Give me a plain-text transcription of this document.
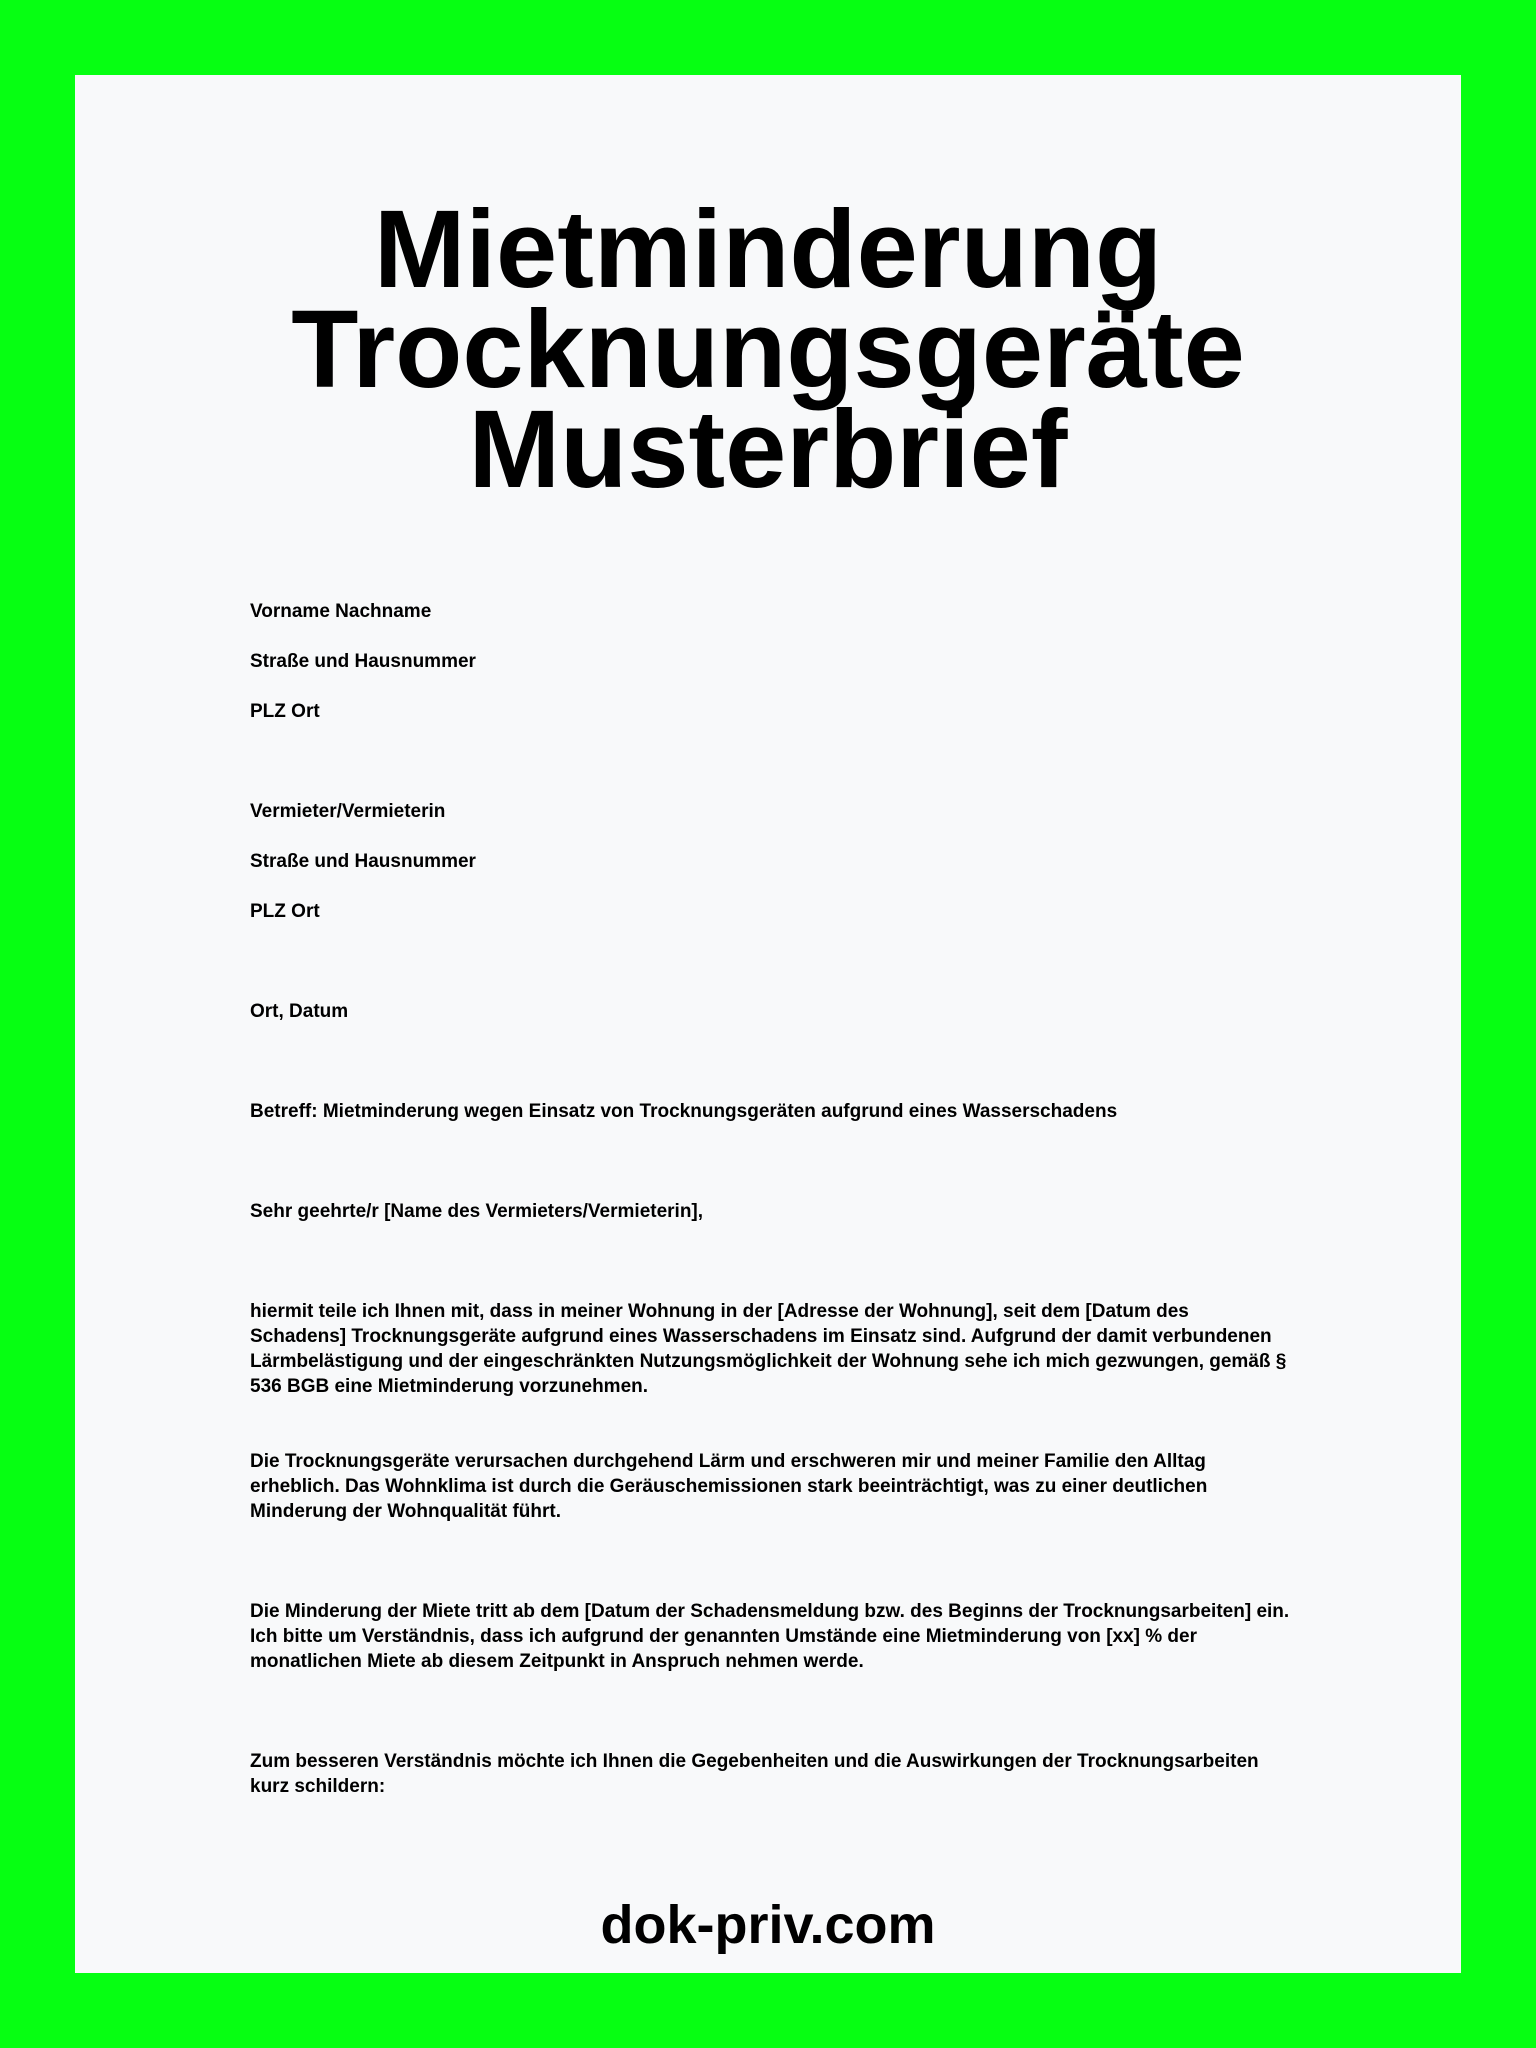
Mietminderung
Trocknungsgeräte
Musterbrief

Vorname Nachname

Straße und Hausnummer

PLZ Ort

Vermieter/Vermieterin

Straße und Hausnummer

PLZ Ort

Ort, Datum

Betreff: Mietminderung wegen Einsatz von Trocknungsgeräten aufgrund eines Wasserschadens

Sehr geehrte/r [Name des Vermieters/Vermieterin],

hiermit teile ich Ihnen mit, dass in meiner Wohnung in der [Adresse der Wohnung], seit dem [Datum des Schadens] Trocknungsgeräte aufgrund eines Wasserschadens im Einsatz sind. Aufgrund der damit verbundenen Lärmbelästigung und der eingeschränkten Nutzungsmöglichkeit der Wohnung sehe ich mich gezwungen, gemäß § 536 BGB eine Mietminderung vorzunehmen.

Die Trocknungsgeräte verursachen durchgehend Lärm und erschweren mir und meiner Familie den Alltag erheblich. Das Wohnklima ist durch die Geräuschemissionen stark beeinträchtigt, was zu einer deutlichen Minderung der Wohnqualität führt.

Die Minderung der Miete tritt ab dem [Datum der Schadensmeldung bzw. des Beginns der Trocknungsarbeiten] ein. Ich bitte um Verständnis, dass ich aufgrund der genannten Umstände eine Mietminderung von [xx] % der monatlichen Miete ab diesem Zeitpunkt in Anspruch nehmen werde.

Zum besseren Verständnis möchte ich Ihnen die Gegebenheiten und die Auswirkungen der Trocknungsarbeiten kurz schildern:

dok-priv.com
